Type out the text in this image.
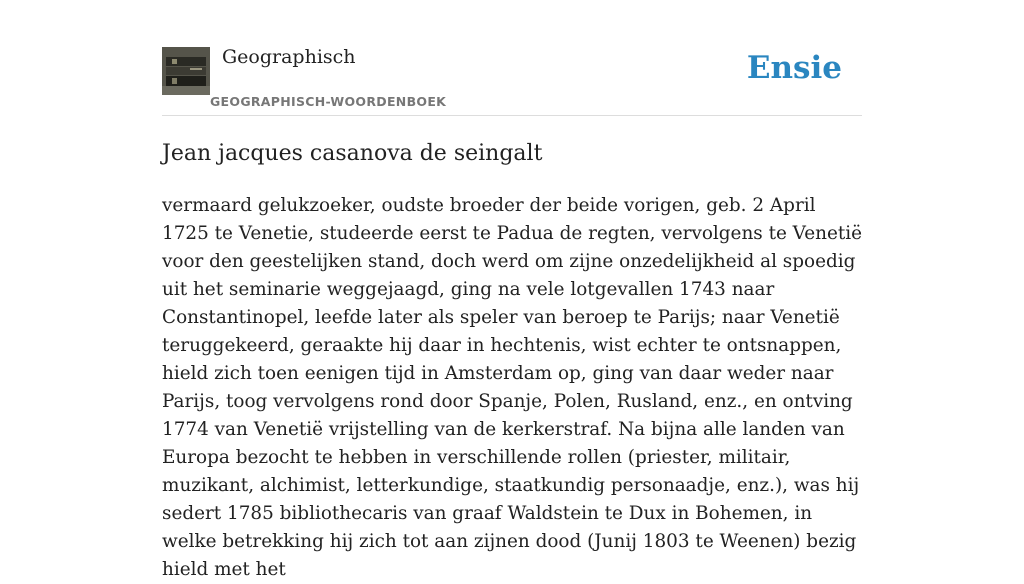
Geographisch
GEOGRAPHISCH-WOORDENBOEK
Ensie
Jean jacques casanova de seingalt

vermaard gelukzoeker, oudste broeder der beide vorigen, geb. 2 April 1725 te Venetie, studeerde eerst te Padua de regten, vervolgens te Venetië voor den geestelijken stand, doch werd om zijne onzedelijkheid al spoedig uit het seminarie weggejaagd, ging na vele lotgevallen 1743 naar Constantinopel, leefde later als speler van beroep te Parijs; naar Venetië teruggekeerd, geraakte hij daar in hechtenis, wist echter te ontsnappen, hield zich toen eenigen tijd in Amsterdam op, ging van daar weder naar Parijs, toog vervolgens rond door Spanje, Polen, Rusland, enz., en ontving 1774 van Venetië vrijstelling van de kerkerstraf. Na bijna alle landen van Europa bezocht te hebben in verschillende rollen (priester, militair, muzikant, alchimist, letterkundige, staatkundig personaadje, enz.), was hij sedert 1785 bibliothecaris van graaf Waldstein te Dux in Bohemen, in welke betrekking hij zich tot aan zijnen dood (Junij 1803 te Weenen) bezig hield met het
